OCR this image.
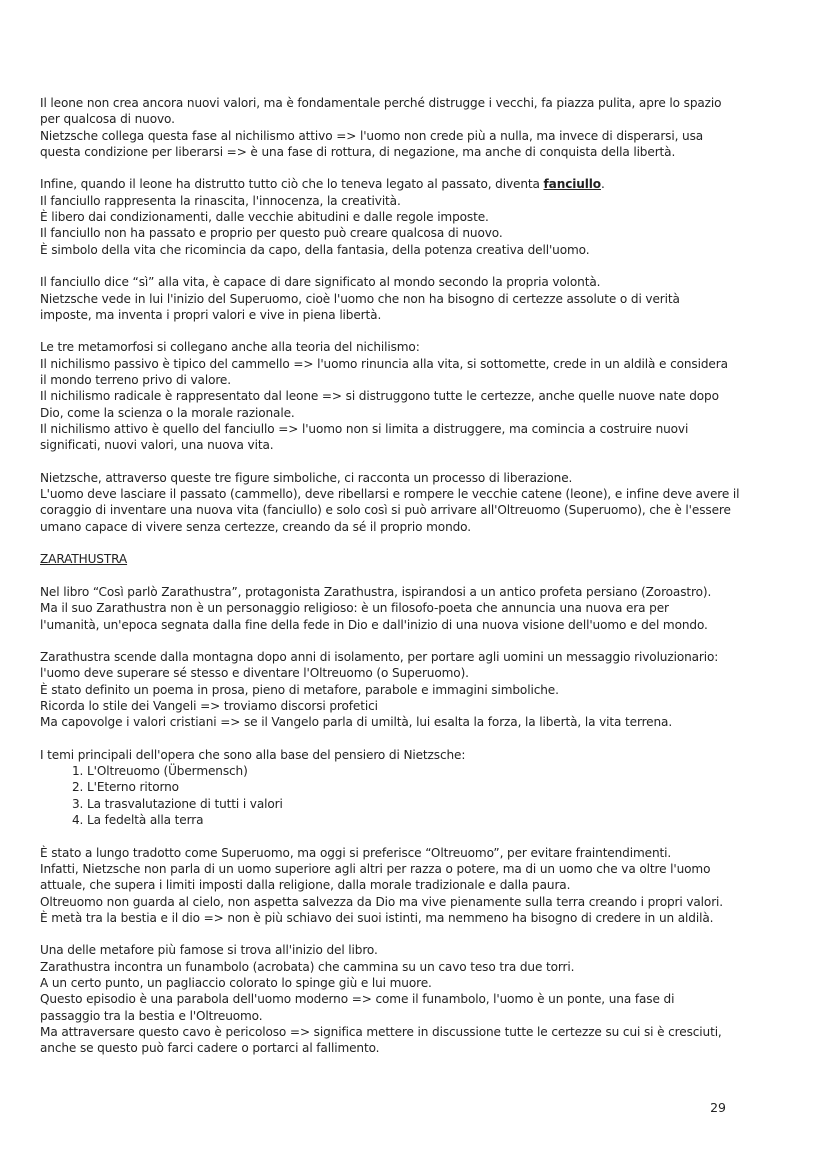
Il leone non crea ancora nuovi valori, ma è fondamentale perché distrugge i vecchi, fa piazza pulita, apre lo spazio
per qualcosa di nuovo.
Nietzsche collega questa fase al nichilismo attivo => l'uomo non crede più a nulla, ma invece di disperarsi, usa
questa condizione per liberarsi => è una fase di rottura, di negazione, ma anche di conquista della libertà.

Infine, quando il leone ha distrutto tutto ciò che lo teneva legato al passato, diventa fanciullo.
Il fanciullo rappresenta la rinascita, l'innocenza, la creatività.
È libero dai condizionamenti, dalle vecchie abitudini e dalle regole imposte.
Il fanciullo non ha passato e proprio per questo può creare qualcosa di nuovo.
È simbolo della vita che ricomincia da capo, della fantasia, della potenza creativa dell'uomo.

Il fanciullo dice “sì” alla vita, è capace di dare significato al mondo secondo la propria volontà.
Nietzsche vede in lui l'inizio del Superuomo, cioè l'uomo che non ha bisogno di certezze assolute o di verità
imposte, ma inventa i propri valori e vive in piena libertà.

Le tre metamorfosi si collegano anche alla teoria del nichilismo:
Il nichilismo passivo è tipico del cammello => l'uomo rinuncia alla vita, si sottomette, crede in un aldilà e considera
il mondo terreno privo di valore.
Il nichilismo radicale è rappresentato dal leone => si distruggono tutte le certezze, anche quelle nuove nate dopo
Dio, come la scienza o la morale razionale.
Il nichilismo attivo è quello del fanciullo => l'uomo non si limita a distruggere, ma comincia a costruire nuovi
significati, nuovi valori, una nuova vita.

Nietzsche, attraverso queste tre figure simboliche, ci racconta un processo di liberazione.
L'uomo deve lasciare il passato (cammello), deve ribellarsi e rompere le vecchie catene (leone), e infine deve avere il
coraggio di inventare una nuova vita (fanciullo) e solo così si può arrivare all'Oltreuomo (Superuomo), che è l'essere
umano capace di vivere senza certezze, creando da sé il proprio mondo.

ZARATHUSTRA

Nel libro “Così parlò Zarathustra”, protagonista Zarathustra, ispirandosi a un antico profeta persiano (Zoroastro).
Ma il suo Zarathustra non è un personaggio religioso: è un filosofo-poeta che annuncia una nuova era per
l'umanità, un'epoca segnata dalla fine della fede in Dio e dall'inizio di una nuova visione dell'uomo e del mondo.

Zarathustra scende dalla montagna dopo anni di isolamento, per portare agli uomini un messaggio rivoluzionario:
l'uomo deve superare sé stesso e diventare l'Oltreuomo (o Superuomo).
È stato definito un poema in prosa, pieno di metafore, parabole e immagini simboliche.
Ricorda lo stile dei Vangeli => troviamo discorsi profetici
Ma capovolge i valori cristiani => se il Vangelo parla di umiltà, lui esalta la forza, la libertà, la vita terrena.

I temi principali dell'opera che sono alla base del pensiero di Nietzsche:
1. L'Oltreuomo (Übermensch)
2. L'Eterno ritorno
3. La trasvalutazione di tutti i valori
4. La fedeltà alla terra

È stato a lungo tradotto come Superuomo, ma oggi si preferisce “Oltreuomo”, per evitare fraintendimenti.
Infatti, Nietzsche non parla di un uomo superiore agli altri per razza o potere, ma di un uomo che va oltre l'uomo
attuale, che supera i limiti imposti dalla religione, dalla morale tradizionale e dalla paura.
Oltreuomo non guarda al cielo, non aspetta salvezza da Dio ma vive pienamente sulla terra creando i propri valori.
È metà tra la bestia e il dio => non è più schiavo dei suoi istinti, ma nemmeno ha bisogno di credere in un aldilà.

Una delle metafore più famose si trova all'inizio del libro.
Zarathustra incontra un funambolo (acrobata) che cammina su un cavo teso tra due torri.
A un certo punto, un pagliaccio colorato lo spinge giù e lui muore.
Questo episodio è una parabola dell'uomo moderno => come il funambolo, l'uomo è un ponte, una fase di
passaggio tra la bestia e l'Oltreuomo.
Ma attraversare questo cavo è pericoloso => significa mettere in discussione tutte le certezze su cui si è cresciuti,
anche se questo può farci cadere o portarci al fallimento.

29
